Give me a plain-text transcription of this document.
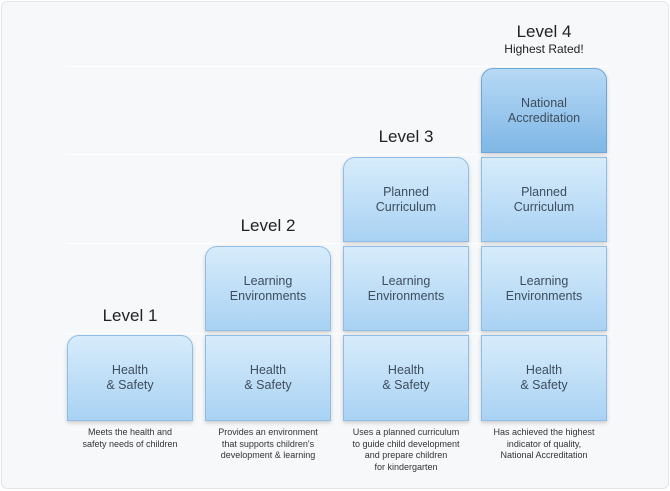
Level 1
Health
& Safety
Meets the health and
safety needs of children
Level 2
Learning
Environments
Health
& Safety
Provides an environment
that supports children's
development & learning
Level 3
Planned
Curriculum
Learning
Environments
Health
& Safety
Uses a planned curriculum
to guide child development
and prepare children
for kindergarten
Level 4
Highest Rated!
National
Accreditation
Planned
Curriculum
Learning
Environments
Health
& Safety
Has achieved the highest
indicator of quality,
National Accreditation
